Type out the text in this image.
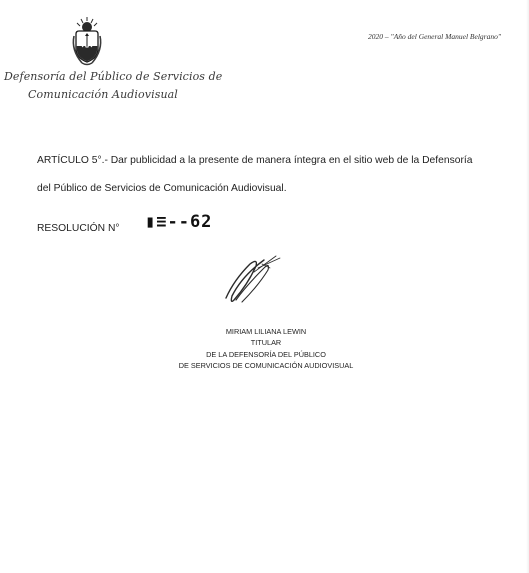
Defensoría del Público de Servicios de
Comunicación Audiovisual
2020 – "Año del General Manuel Belgrano"

ARTÍCULO 5°.- Dar publicidad a la presente de manera íntegra en el sitio web de la Defensoría

del Público de Servicios de Comunicación Audiovisual.

RESOLUCIÓN N° ▮≡--62
MIRIAM LILIANA LEWIN
TITULAR
DE LA DEFENSORÍA DEL PÚBLICO
DE SERVICIOS DE COMUNICACIÓN AUDIOVISUAL
